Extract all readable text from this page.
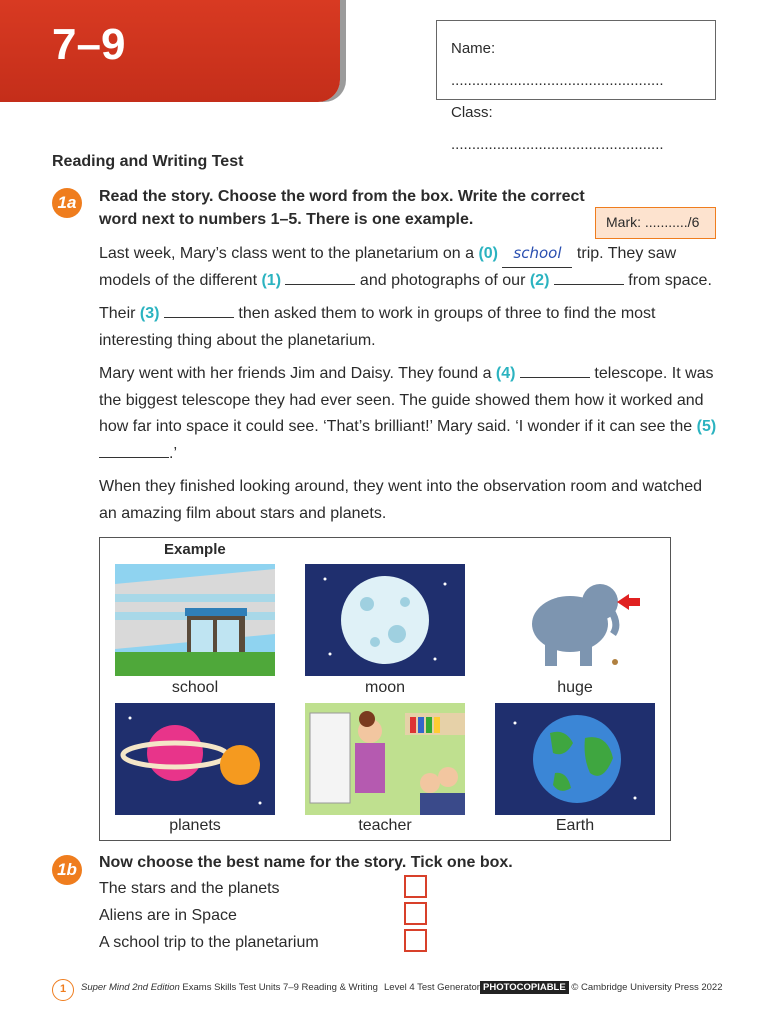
7–9	Name: ...................................................
Class: ...................................................
Reading and Writing Test
1a	Read the story. Choose the word from the box. Write the correct
word next to numbers 1–5. There is one example.	Mark: .........../6

Last week, Mary’s class went to the planetarium on a (0) school trip. They saw models of the different (1)	and photographs of our (2)	from space.

Their (3)	then asked them to work in groups of three to find the most interesting thing about the planetarium.

Mary went with her friends Jim and Daisy. They found a (4)	telescope. It was the biggest telescope they had ever seen. The guide showed them how it worked and how far into space it could see. ‘That’s brilliant!’ Mary said. ‘I wonder if it can see the (5) .’

When they finished looking around, they went into the observation room and watched an amazing film about stars and planets.

Example
school	moon	huge
planets	teacher	Earth
1b	Now choose the best name for the story. Tick one box.
The stars and the planets
Aliens are in Space
A school trip to the planetarium
1	Super Mind 2nd Edition Exams Skills Test Units 7–9 Reading & Writing Level 4 Test Generator PHOTOCOPIABLE © Cambridge University Press 2022
